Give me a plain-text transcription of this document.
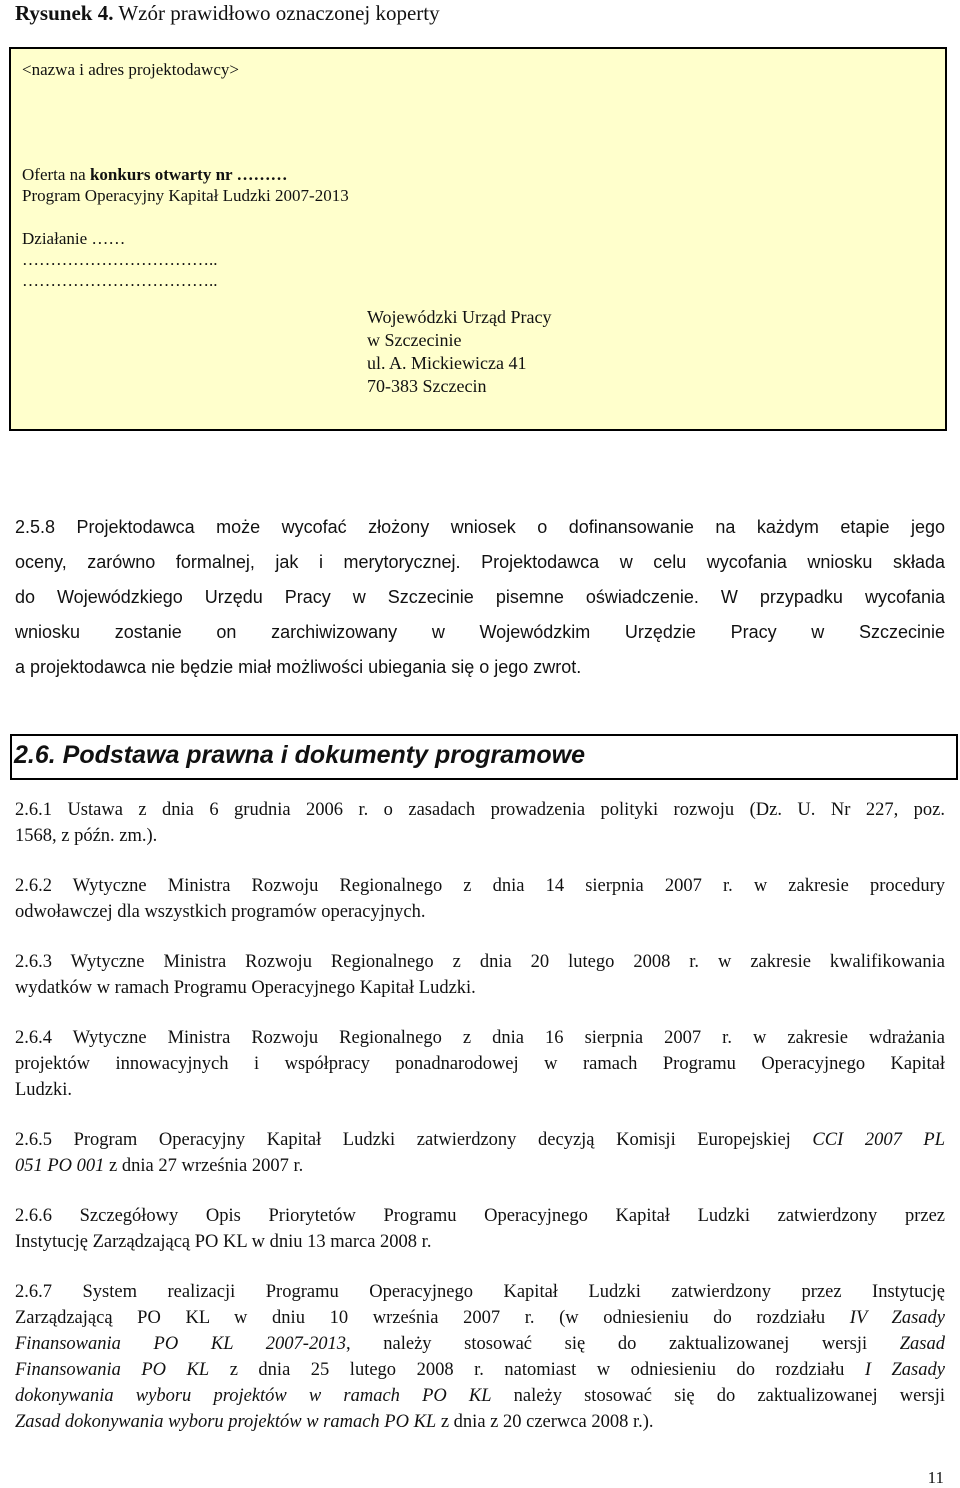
Rysunek 4. Wzór prawidłowo oznaczonej koperty
<nazwa i adres projektodawcy>
Oferta na konkurs otwarty nr ………
Program Operacyjny Kapitał Ludzki 2007-2013
Działanie ……
……………………………..
……………………………..
Wojewódzki Urząd Pracy
w Szczecinie
ul. A. Mickiewicza 41
70-383 Szczecin
2.5.8 Projektodawca może wycofać złożony wniosek o dofinansowanie na każdym etapie jego
oceny, zarówno formalnej, jak i merytorycznej. Projektodawca w celu wycofania wniosku składa
do Wojewódzkiego Urzędu Pracy w Szczecinie pisemne oświadczenie. W przypadku wycofania
wniosku zostanie on zarchiwizowany w Wojewódzkim Urzędzie Pracy w Szczecinie
a projektodawca nie będzie miał możliwości ubiegania się o jego zwrot.
2.6. Podstawa prawna i dokumenty programowe
2.6.1 Ustawa z dnia 6 grudnia 2006 r. o zasadach prowadzenia polityki rozwoju (Dz. U. Nr 227, poz.
1568, z późn. zm.).
2.6.2 Wytyczne Ministra Rozwoju Regionalnego z dnia 14 sierpnia 2007 r. w zakresie procedury
odwoławczej dla wszystkich programów operacyjnych.
2.6.3 Wytyczne Ministra Rozwoju Regionalnego z dnia 20 lutego 2008 r. w zakresie kwalifikowania
wydatków w ramach Programu Operacyjnego Kapitał Ludzki.
2.6.4 Wytyczne Ministra Rozwoju Regionalnego z dnia 16 sierpnia 2007 r. w zakresie wdrażania
projektów innowacyjnych i współpracy ponadnarodowej w ramach Programu Operacyjnego Kapitał
Ludzki.
2.6.5 Program Operacyjny Kapitał Ludzki zatwierdzony decyzją Komisji Europejskiej CCI 2007 PL
051 PO 001 z dnia 27 września 2007 r.
2.6.6 Szczegółowy Opis Priorytetów Programu Operacyjnego Kapitał Ludzki zatwierdzony przez
Instytucję Zarządzającą PO KL w dniu 13 marca 2008 r.
2.6.7 System realizacji Programu Operacyjnego Kapitał Ludzki zatwierdzony przez Instytucję
Zarządzającą PO KL w dniu 10 września 2007 r. (w odniesieniu do rozdziału IV Zasady
Finansowania PO KL 2007-2013, należy stosować się do zaktualizowanej wersji Zasad
Finansowania PO KL z dnia 25 lutego 2008 r. natomiast w odniesieniu do rozdziału I Zasady
dokonywania wyboru projektów w ramach PO KL należy stosować się do zaktualizowanej wersji
Zasad dokonywania wyboru projektów w ramach PO KL z dnia z 20 czerwca 2008 r.).
11
